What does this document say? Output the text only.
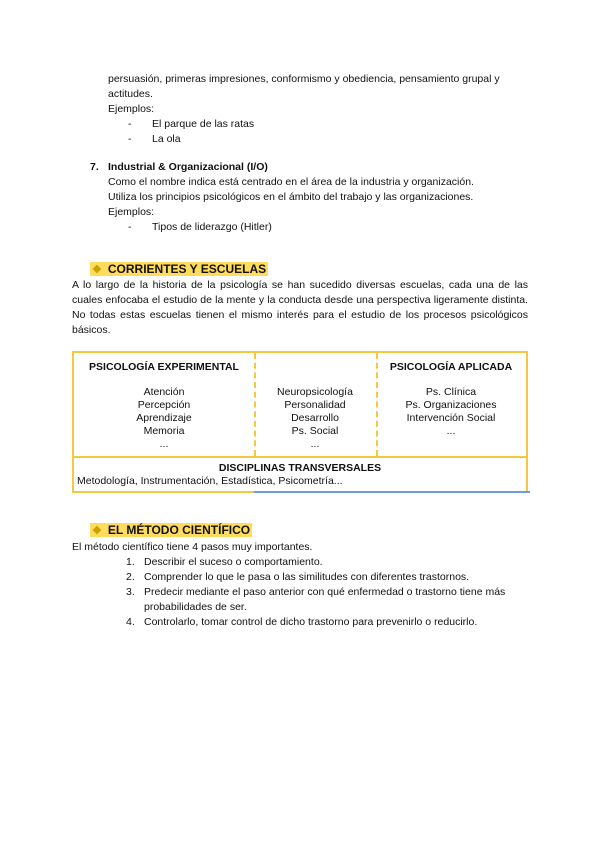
persuasión, primeras impresiones, conformismo y obediencia, pensamiento grupal y
actitudes.
Ejemplos:
- El parque de las ratas
- La ola
7. Industrial & Organizacional (I/O)
Como el nombre indica está centrado en el área de la industria y organización.
Utiliza los principios psicológicos en el ámbito del trabajo y las organizaciones.
Ejemplos:
- Tipos de liderazgo (Hitler)
❖ CORRIENTES Y ESCUELAS
A lo largo de la historia de la psicología se han sucedido diversas escuelas, cada una de las cuales enfocaba el estudio de la mente y la conducta desde una perspectiva ligeramente distinta. No todas estas escuelas tienen el mismo interés para el estudio de los procesos psicológicos básicos.
PSICOLOGÍA EXPERIMENTAL
Atención
Percepción
Aprendizaje
Memoria
...
Neuropsicología
Personalidad
Desarrollo
Ps. Social
...
PSICOLOGÍA APLICADA
Ps. Clínica
Ps. Organizaciones
Intervención Social
...
DISCIPLINAS TRANSVERSALES
Metodología, Instrumentación, Estadística, Psicometría...
❖ EL MÉTODO CIENTÍFICO
El método científico tiene 4 pasos muy importantes.
1. Describir el suceso o comportamiento.
2. Comprender lo que le pasa o las similitudes con diferentes trastornos.
3. Predecir mediante el paso anterior con qué enfermedad o trastorno tiene más probabilidades de ser.
4. Controlarlo, tomar control de dicho trastorno para prevenirlo o reducirlo.
